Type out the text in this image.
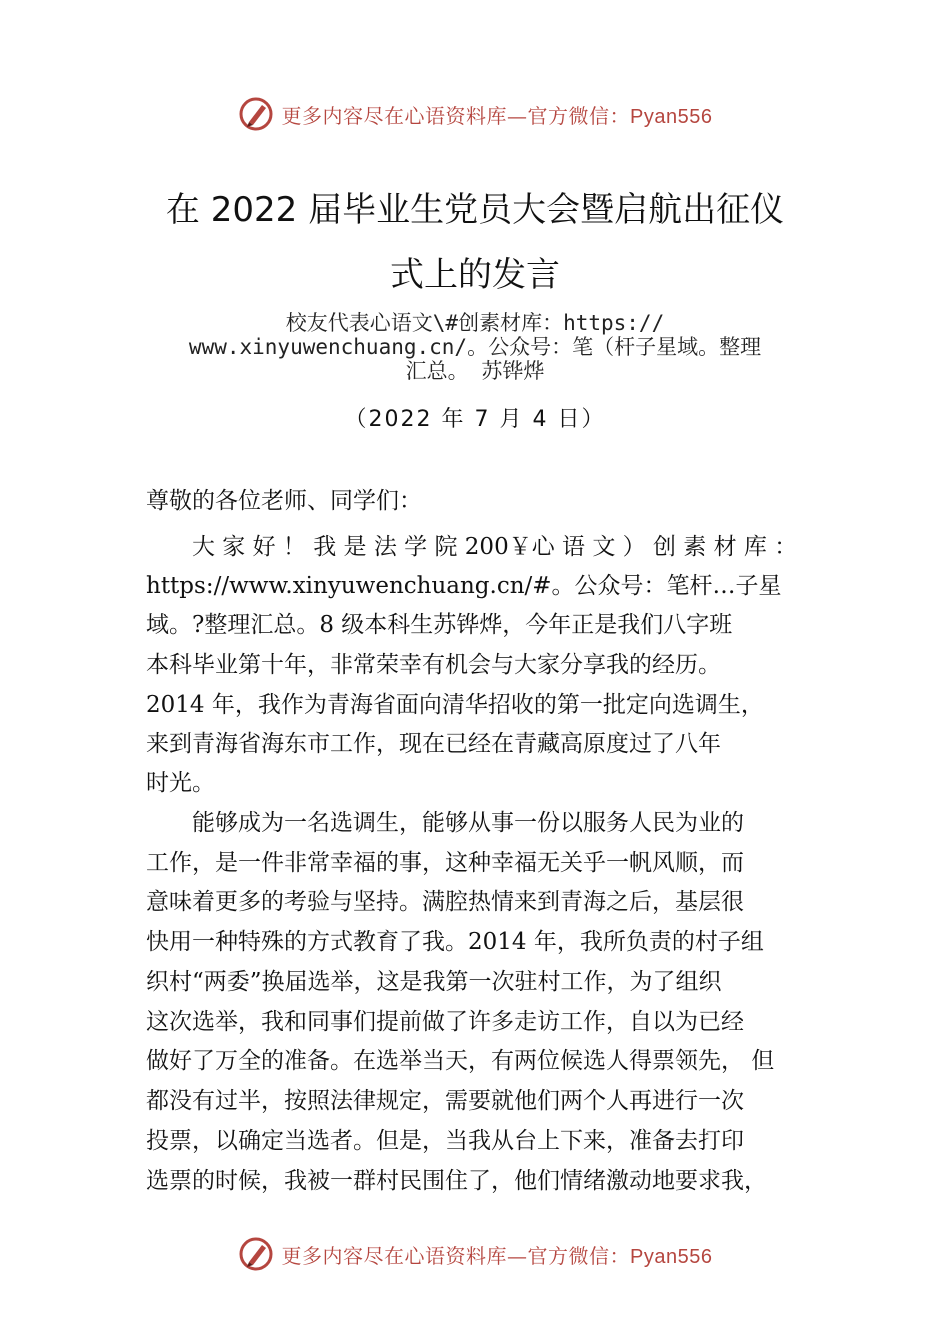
更多内容尽在心语资料库—官方微信：Pyan556
在 2022 届毕业生党员大会暨启航出征仪
式上的发言
校友代表心语文\#创素材库：https://
www.xinyuwenchuang.cn/。公众号：笔（杆子星域。整理
汇总。 苏铧烨
（2022 年 7 月 4 日）
尊敬的各位老师、同学们：
　　大 家 好 ！ 我 是 法 学 院 200￥心 语 文 ） 创 素 材 库 ：
https://www.xinyuwenchuang.cn/#。公众号：笔杆…子星
域。?整理汇总。8 级本科生苏铧烨，今年正是我们八字班
本科毕业第十年，非常荣幸有机会与大家分享我的经历。
2014 年，我作为青海省面向清华招收的第一批定向选调生，
来到青海省海东市工作，现在已经在青藏高原度过了八年
时光。
　　能够成为一名选调生，能够从事一份以服务人民为业的
工作，是一件非常幸福的事，这种幸福无关乎一帆风顺，而
意味着更多的考验与坚持。满腔热情来到青海之后，基层很
快用一种特殊的方式教育了我。2014 年，我所负责的村子组
织村“两委”换届选举，这是我第一次驻村工作，为了组织
这次选举，我和同事们提前做了许多走访工作，自以为已经
做好了万全的准备。在选举当天，有两位候选人得票领先， 但
都没有过半，按照法律规定，需要就他们两个人再进行一次
投票，以确定当选者。但是，当我从台上下来，准备去打印
选票的时候，我被一群村民围住了，他们情绪激动地要求我，
更多内容尽在心语资料库—官方微信：Pyan556
